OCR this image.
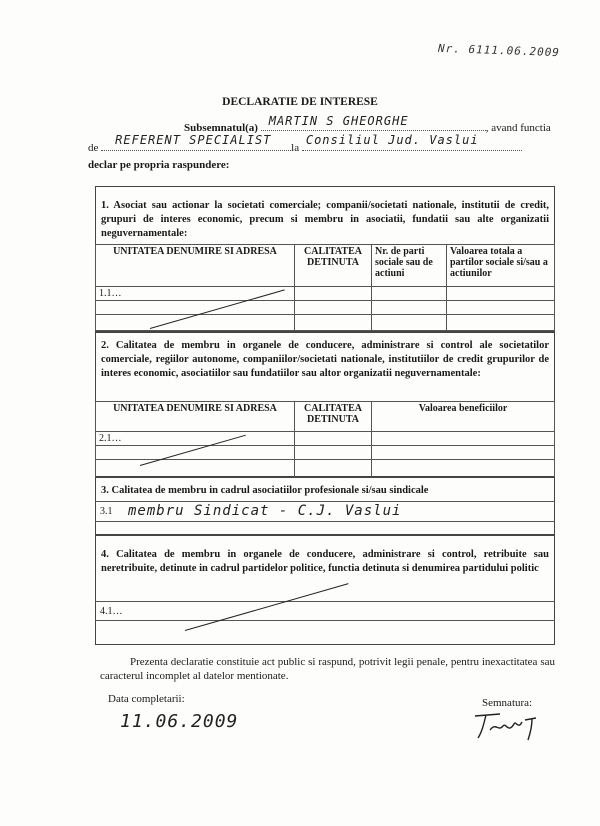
Nr. 6111.06.2009
DECLARATIE DE INTERESE
Subsemnatul(a) MARTIN S GHEORGHE	, avand functia
de
REFERENT SPECIALIST
la
Consiliul Jud. Vaslui
declar pe propria raspundere:
1. Asociat sau actionar la societati comerciale; companii/societati nationale, institutii de credit, grupuri de interes economic, precum si membru in asociatii, fundatii sau alte organizatii neguvernamentale:
UNITATEA DENUMIRE SI ADRESA	CALITATEA DETINUTA	Nr. de parti sociale sau de actiuni	Valoarea totala a partilor sociale si/sau a actiunilor
1.1…			

2. Calitatea de membru in organele de conducere, administrare si control ale societatilor comerciale, regiilor autonome, companiilor/societati nationale, institutiilor de credit grupurilor de interes economic, asociatiilor sau fundatiilor sau altor organizatii neguvernamentale:
UNITATEA DENUMIRE SI ADRESA	CALITATEA DETINUTA	Valoarea beneficiilor
2.1…		

3. Calitatea de membru in cadrul asociatiilor profesionale si/sau sindicale
3.1 membru Sindicat - C.J. Vaslui
4. Calitatea de membru in organele de conducere, administrare si control, retribuite sau neretribuite, detinute in cadrul partidelor politice, functia detinuta si denumirea partidului politic
4.1…
Prezenta declaratie constituie act public si raspund, potrivit legii penale, pentru inexactitatea sau caracterul incomplet al datelor mentionate.
Data completarii:
11.06.2009
Semnatura:
